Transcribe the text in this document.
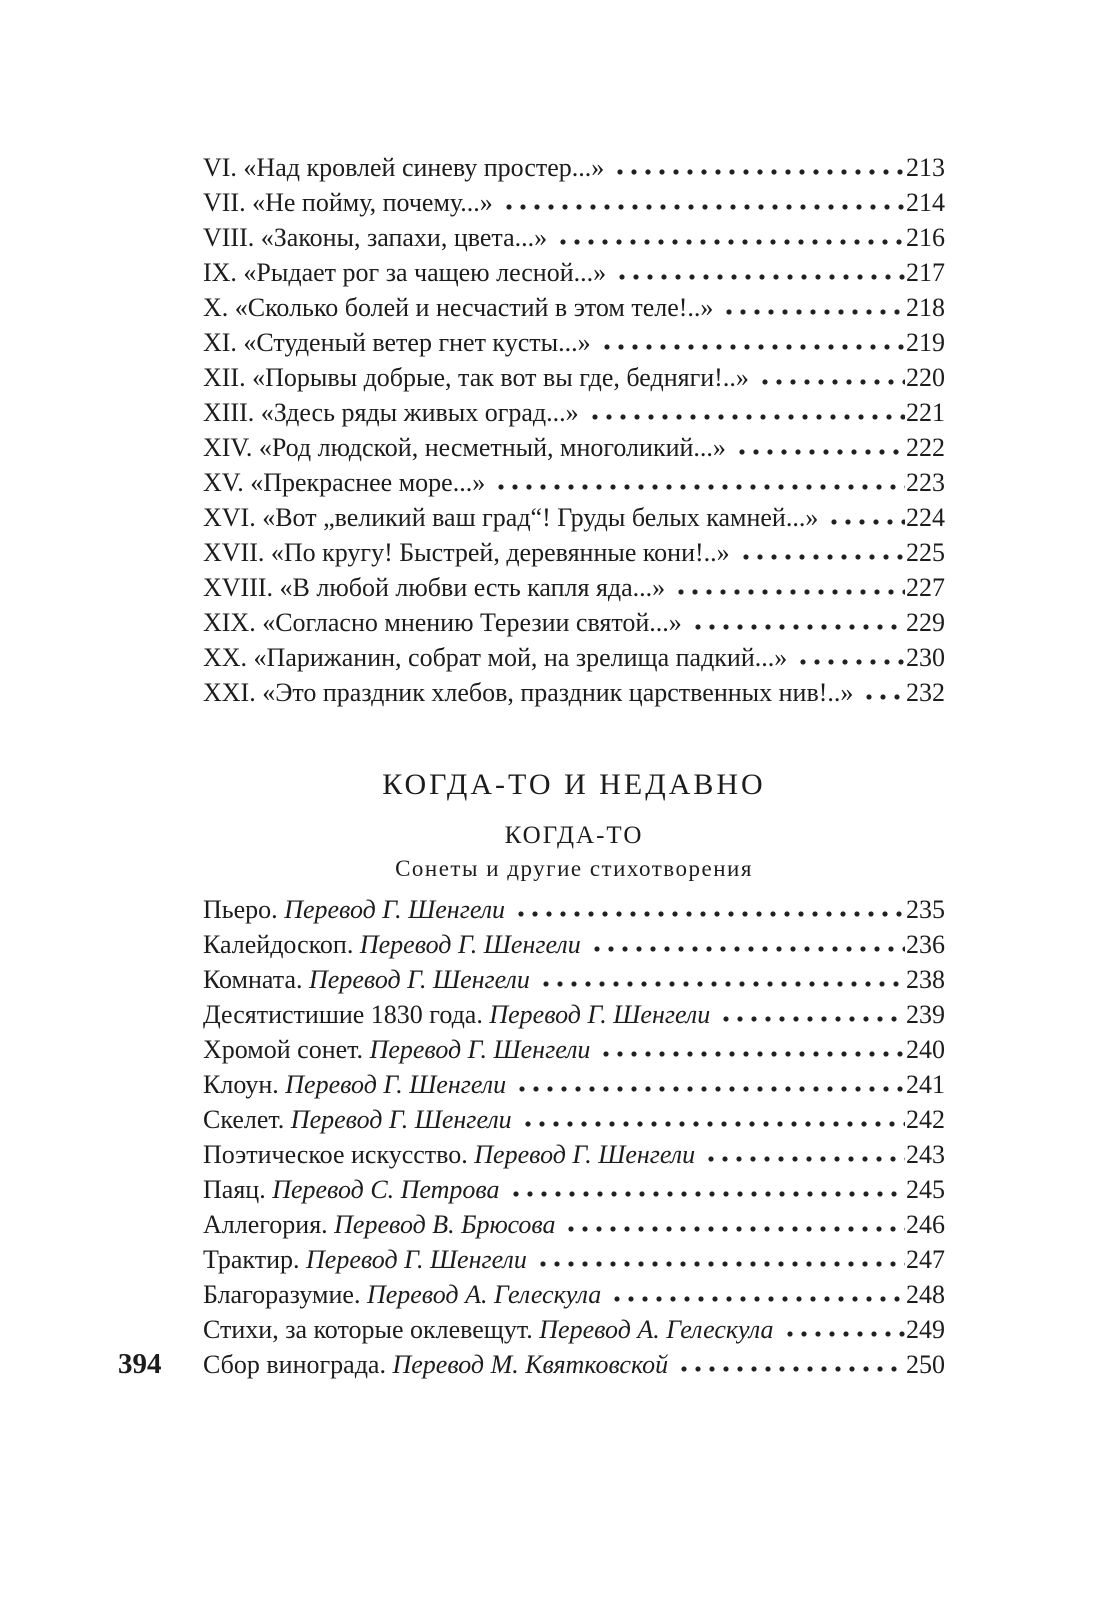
VI. «Над кровлей синеву простер...»	213
VII. «Не пойму, почему...»	214
VIII. «Законы, запахи, цвета...»	216
IX. «Рыдает рог за чащею лесной...»	217
X. «Сколько болей и несчастий в этом теле!..»	218
XI. «Студеный ветер гнет кусты...»	219
XII. «Порывы добрые, так вот вы где, бедняги!..»	220
XIII. «Здесь ряды живых оград...»	221
XIV. «Род людской, несметный, многоликий...»	222
XV. «Прекраснее море...»	223
XVI. «Вот „великий ваш град“! Груды белых камней...»	224
XVII. «По кругу! Быстрей, деревянные кони!..»	225
XVIII. «В любой любви есть капля яда...»	227
XIX. «Согласно мнению Терезии святой...»	229
XX. «Парижанин, собрат мой, на зрелища падкий...»	230
XXI. «Это праздник хлебов, праздник царственных нив!..» 232
КОГДА-ТО И НЕДАВНО
КОГДА-ТО
Сонеты и другие стихотворения
Пьеро. Перевод Г. Шенгели	235
Калейдоскоп. Перевод Г. Шенгели	236
Комната. Перевод Г. Шенгели	238
Десятистишие 1830 года. Перевод Г. Шенгели	239
Хромой сонет. Перевод Г. Шенгели	240
Клоун. Перевод Г. Шенгели	241
Скелет. Перевод Г. Шенгели	242
Поэтическое искусство. Перевод Г. Шенгели	243
Паяц. Перевод С. Петрова	245
Аллегория. Перевод В. Брюсова	246
Трактир. Перевод Г. Шенгели	247
Благоразумие. Перевод А. Гелескула	248
Стихи, за которые оклевещут. Перевод А. Гелескула	249
Сбор винограда. Перевод М. Квятковской	250
394
